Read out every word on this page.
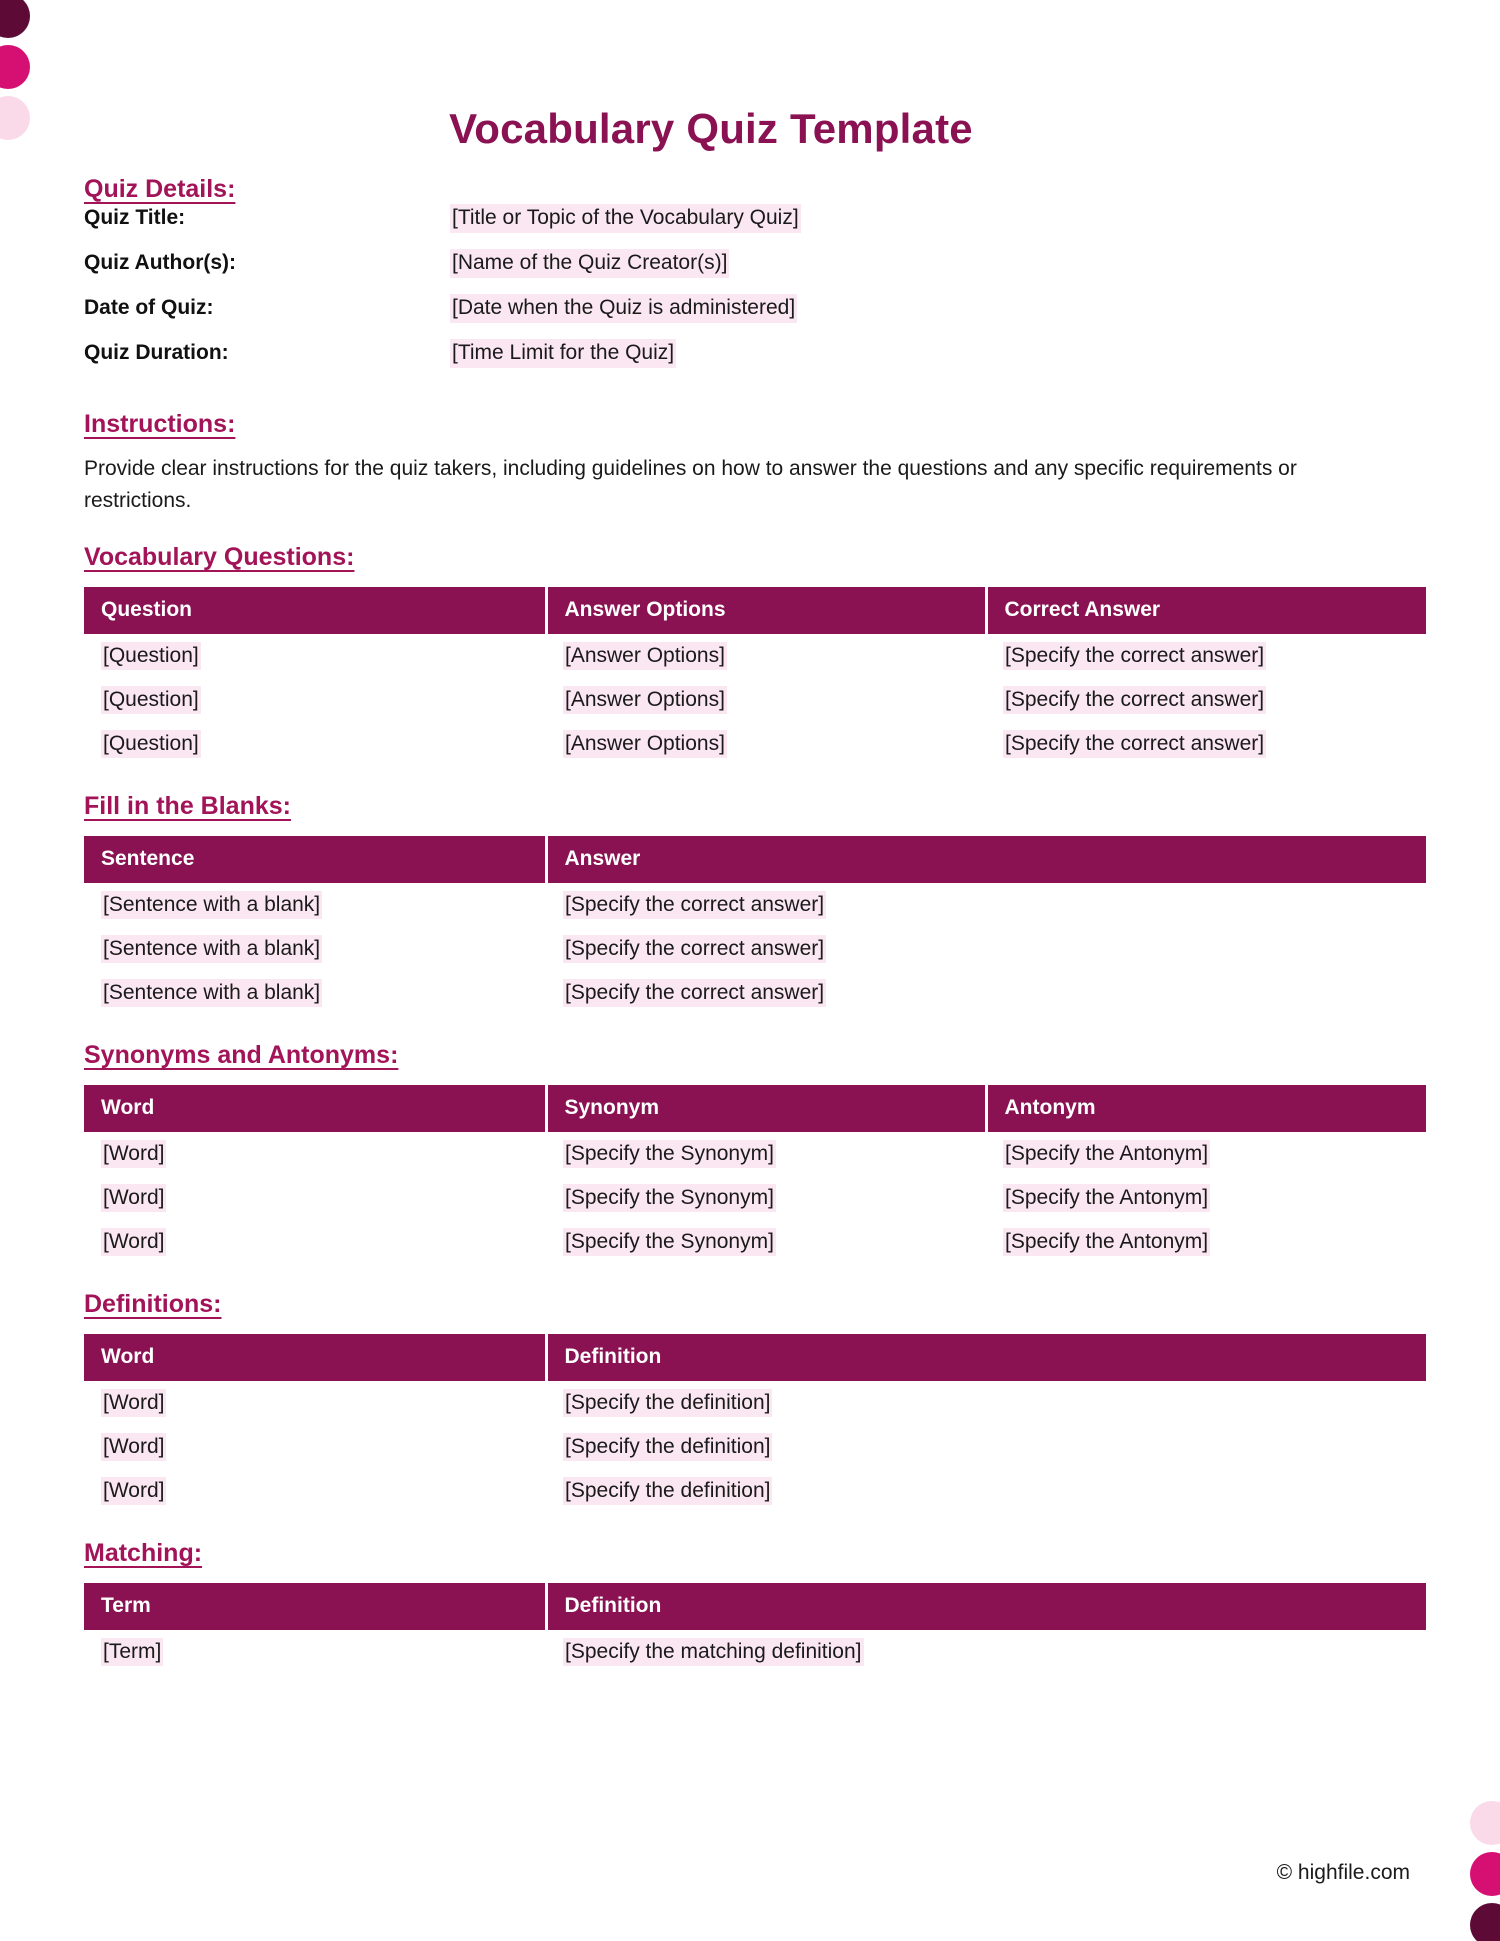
Vocabulary Quiz Template
Quiz Details:
Quiz Title:	[Title or Topic of the Vocabulary Quiz]
Quiz Author(s):	[Name of the Quiz Creator(s)]
Date of Quiz:	[Date when the Quiz is administered]
Quiz Duration:	[Time Limit for the Quiz]
Instructions:

Provide clear instructions for the quiz takers, including guidelines on how to answer the questions and any specific requirements or restrictions.

Vocabulary Questions:
Question	Answer Options	Correct Answer
[Question]	[Answer Options]	[Specify the correct answer]
[Question]	[Answer Options]	[Specify the correct answer]
[Question]	[Answer Options]	[Specify the correct answer]
Fill in the Blanks:
Sentence	Answer
[Sentence with a blank]	[Specify the correct answer]
[Sentence with a blank]	[Specify the correct answer]
[Sentence with a blank]	[Specify the correct answer]
Synonyms and Antonyms:
Word	Synonym	Antonym
[Word]	[Specify the Synonym]	[Specify the Antonym]
[Word]	[Specify the Synonym]	[Specify the Antonym]
[Word]	[Specify the Synonym]	[Specify the Antonym]
Definitions:
Word	Definition
[Word]	[Specify the definition]
[Word]	[Specify the definition]
[Word]	[Specify the definition]
Matching:
Term	Definition
[Term]	[Specify the matching definition]
© highfile.com
